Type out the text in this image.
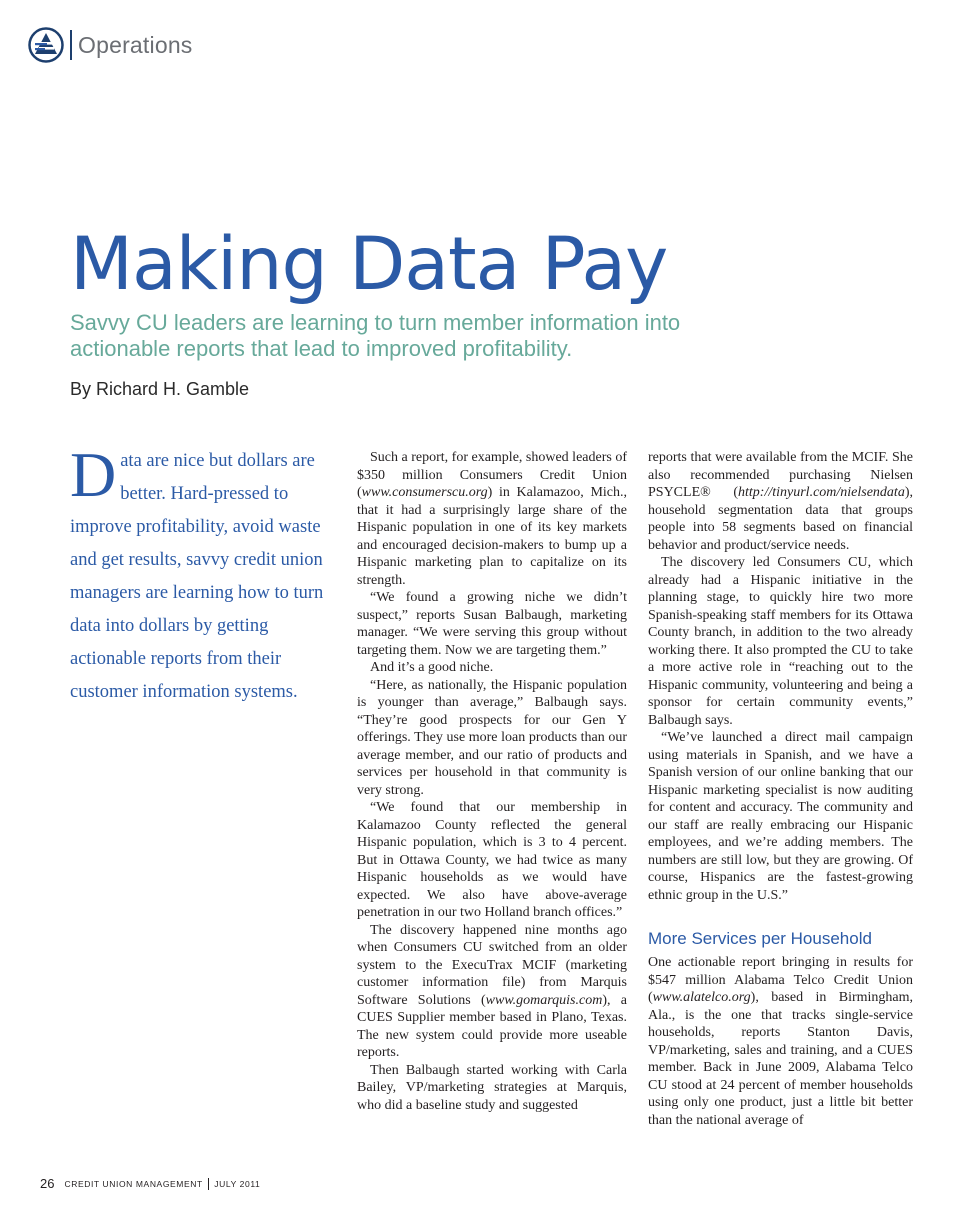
Operations
Making Data Pay

Savvy CU leaders are learning to turn member information into actionable reports that lead to improved profitability.

By Richard H. Gamble

Data are nice but dollars are better. Hard-pressed to improve profitability, avoid waste and get results, savvy credit union managers are learning how to turn data into dollars by getting actionable reports from their customer information systems.

Such a report, for example, showed leaders of $350 million Consumers Credit Union (www.consumerscu.org) in Kalamazoo, Mich., that it had a surprisingly large share of the Hispanic population in one of its key markets and encouraged decision-makers to bump up a Hispanic marketing plan to capitalize on its strength.

“We found a growing niche we didn’t suspect,” reports Susan Balbaugh, marketing manager. “We were serving this group without targeting them. Now we are targeting them.”

And it’s a good niche.

“Here, as nationally, the Hispanic population is younger than average,” Balbaugh says. “They’re good prospects for our Gen Y offerings. They use more loan products than our average member, and our ratio of products and services per household in that community is very strong.

“We found that our membership in Kalamazoo County reflected the general Hispanic population, which is 3 to 4 percent. But in Ottawa County, we had twice as many Hispanic households as we would have expected. We also have above-average penetration in our two Holland branch offices.”

The discovery happened nine months ago when Consumers CU switched from an older system to the ExecuTrax MCIF (marketing customer information file) from Marquis Software Solutions (www.gomarquis.com), a CUES Supplier member based in Plano, Texas. The new system could provide more useable reports.

Then Balbaugh started working with Carla Bailey, VP/marketing strategies at Marquis, who did a baseline study and suggested

reports that were available from the MCIF. She also recommended purchasing Nielsen PSYCLE® (http://tinyurl.com/nielsendata), household segmentation data that groups people into 58 segments based on financial behavior and product/service needs.

The discovery led Consumers CU, which already had a Hispanic initiative in the planning stage, to quickly hire two more Spanish-speaking staff members for its Ottawa County branch, in addition to the two already working there. It also prompted the CU to take a more active role in “reaching out to the Hispanic community, volunteering and being a sponsor for certain community events,” Balbaugh says.

“We’ve launched a direct mail campaign using materials in Spanish, and we have a Spanish version of our online banking that our Hispanic marketing specialist is now auditing for content and accuracy. The community and our staff are really embracing our Hispanic employees, and we’re adding members. The numbers are still low, but they are growing. Of course, Hispanics are the fastest-growing ethnic group in the U.S.”

More Services per Household

One actionable report bringing in results for $547 million Alabama Telco Credit Union (www.alatelco.org), based in Birmingham, Ala., is the one that tracks single-service households, reports Stanton Davis, VP/marketing, sales and training, and a CUES member. Back in June 2009, Alabama Telco CU stood at 24 percent of member households using only one product, just a little bit better than the national average of

26 CREDIT UNION MANAGEMENT JULY 2011
